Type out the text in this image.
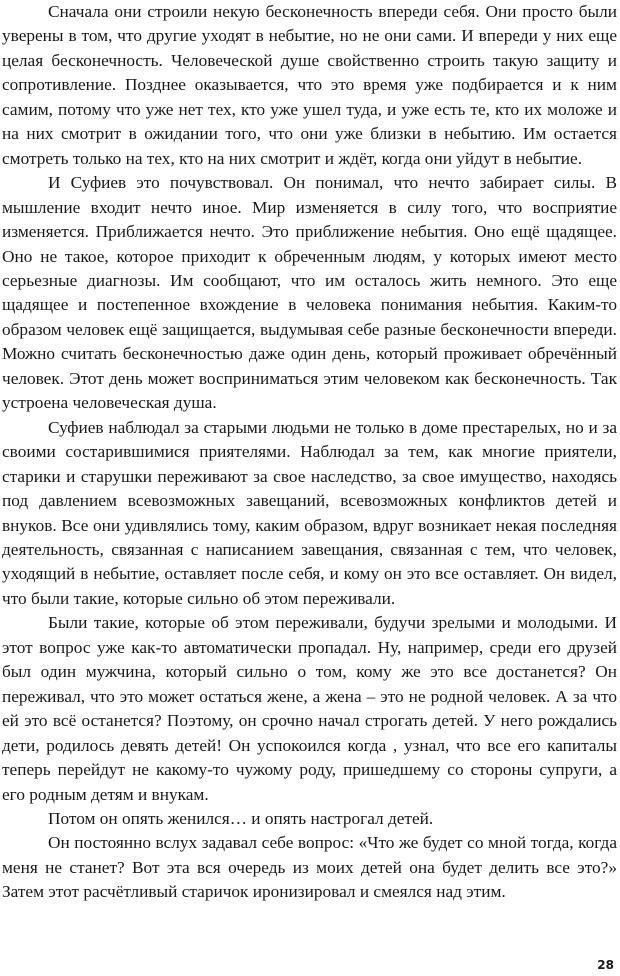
Сначала они строили некую бесконечность впереди себя. Они просто были уверены в том, что другие уходят в небытие, но не они сами. И впереди у них еще целая бесконечность. Человеческой душе свойственно строить такую защиту и сопротивление. Позднее оказывается, что это время уже подбирается и к ним самим, потому что уже нет тех, кто уже ушел туда, и уже есть те, кто их моложе и на них смотрит в ожидании того, что они уже близки в небытию. Им остается смотреть только на тех, кто на них смотрит и ждёт, когда они уйдут в небытие.

И Суфиев это почувствовал. Он понимал, что нечто забирает силы. В мышление входит нечто иное. Мир изменяется в силу того, что восприятие изменяется. Приближается нечто. Это приближение небытия. Оно ещё щадящее. Оно не такое, которое приходит к обреченным людям, у которых имеют место серьезные диагнозы. Им сообщают, что им осталось жить немного. Это еще щадящее и постепенное вхождение в человека понимания небытия. Каким-то образом человек ещё защищается, выдумывая себе разные бесконечности впереди. Можно считать бесконечностью даже один день, который проживает обречённый человек. Этот день может восприниматься этим человеком как бесконечность. Так устроена человеческая душа.

Суфиев наблюдал за старыми людьми не только в доме престарелых, но и за своими состарившимися приятелями. Наблюдал за тем, как многие приятели, старики и старушки переживают за свое наследство, за свое имущество, находясь под давлением всевозможных завещаний, всевозможных конфликтов детей и внуков. Все они удивлялись тому, каким образом, вдруг возникает некая последняя деятельность, связанная с написанием завещания, связанная с тем, что человек, уходящий в небытие, оставляет после себя, и кому он это все оставляет. Он видел, что были такие, которые сильно об этом переживали.

Были такие, которые об этом переживали, будучи зрелыми и молодыми. И этот вопрос уже как-то автоматически пропадал. Ну, например, среди его друзей был один мужчина, который сильно о том, кому же это все достанется? Он переживал, что это может остаться жене, а жена – это не родной человек. А за что ей это всё останется? Поэтому, он срочно начал строгать детей. У него рождались дети, родилось девять детей! Он успокоился когда , узнал, что все его капиталы теперь перейдут не какому-то чужому роду, пришедшему со стороны супруги, а его родным детям и внукам.

Потом он опять женился… и опять настрогал детей.

Он постоянно вслух задавал себе вопрос: «Что же будет со мной тогда, когда меня не станет? Вот эта вся очередь из моих детей она будет делить все это?» Затем этот расчётливый старичок иронизировал и смеялся над этим.

28
